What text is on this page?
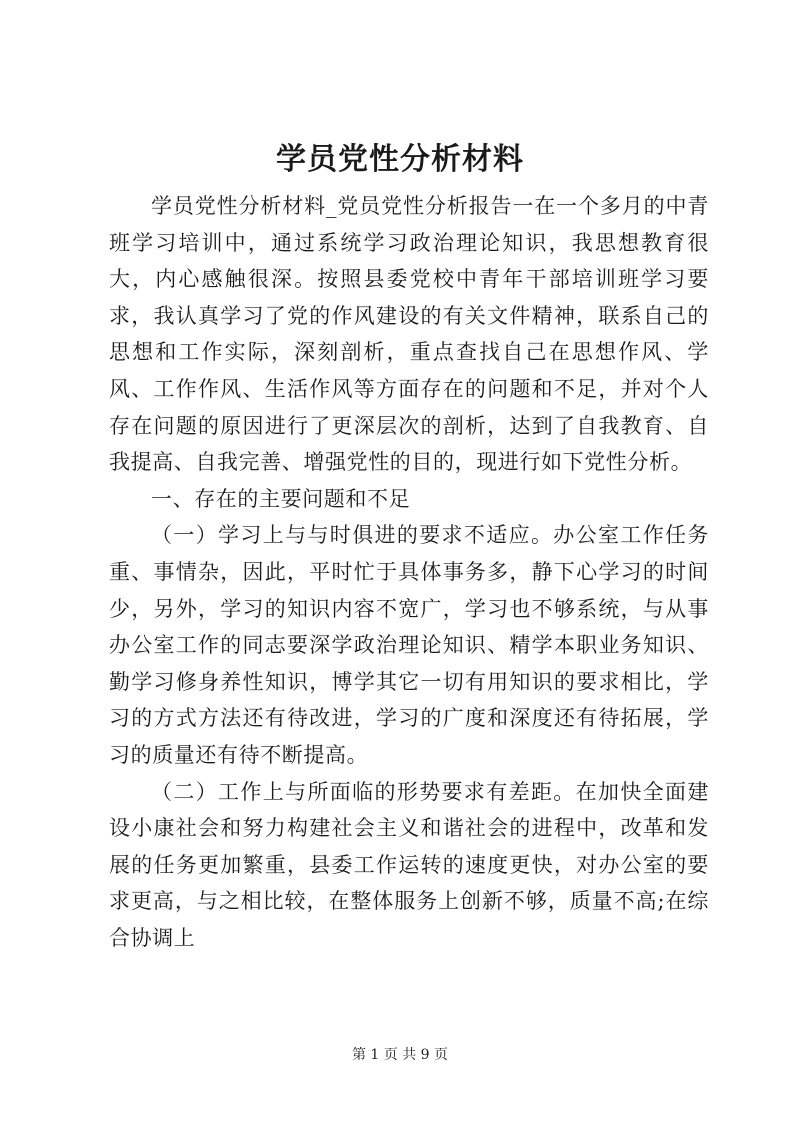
学员党性分析材料

学员党性分析材料_党员党性分析报告一在一个多月的中青班学习培训中，通过系统学习政治理论知识，我思想教育很大，内心感触很深。按照县委党校中青年干部培训班学习要求，我认真学习了党的作风建设的有关文件精神，联系自己的思想和工作实际，深刻剖析，重点查找自己在思想作风、学风、工作作风、生活作风等方面存在的问题和不足，并对个人存在问题的原因进行了更深层次的剖析，达到了自我教育、自我提高、自我完善、增强党性的目的，现进行如下党性分析。

一、存在的主要问题和不足

（一）学习上与与时俱进的要求不适应。办公室工作任务重、事情杂，因此，平时忙于具体事务多，静下心学习的时间少，另外，学习的知识内容不宽广，学习也不够系统，与从事办公室工作的同志要深学政治理论知识、精学本职业务知识、勤学习修身养性知识，博学其它一切有用知识的要求相比，学习的方式方法还有待改进，学习的广度和深度还有待拓展，学习的质量还有待不断提高。

（二）工作上与所面临的形势要求有差距。在加快全面建设小康社会和努力构建社会主义和谐社会的进程中，改革和发展的任务更加繁重，县委工作运转的速度更快，对办公室的要求更高，与之相比较，在整体服务上创新不够，质量不高;在综合协调上

第 1 页 共 9 页
